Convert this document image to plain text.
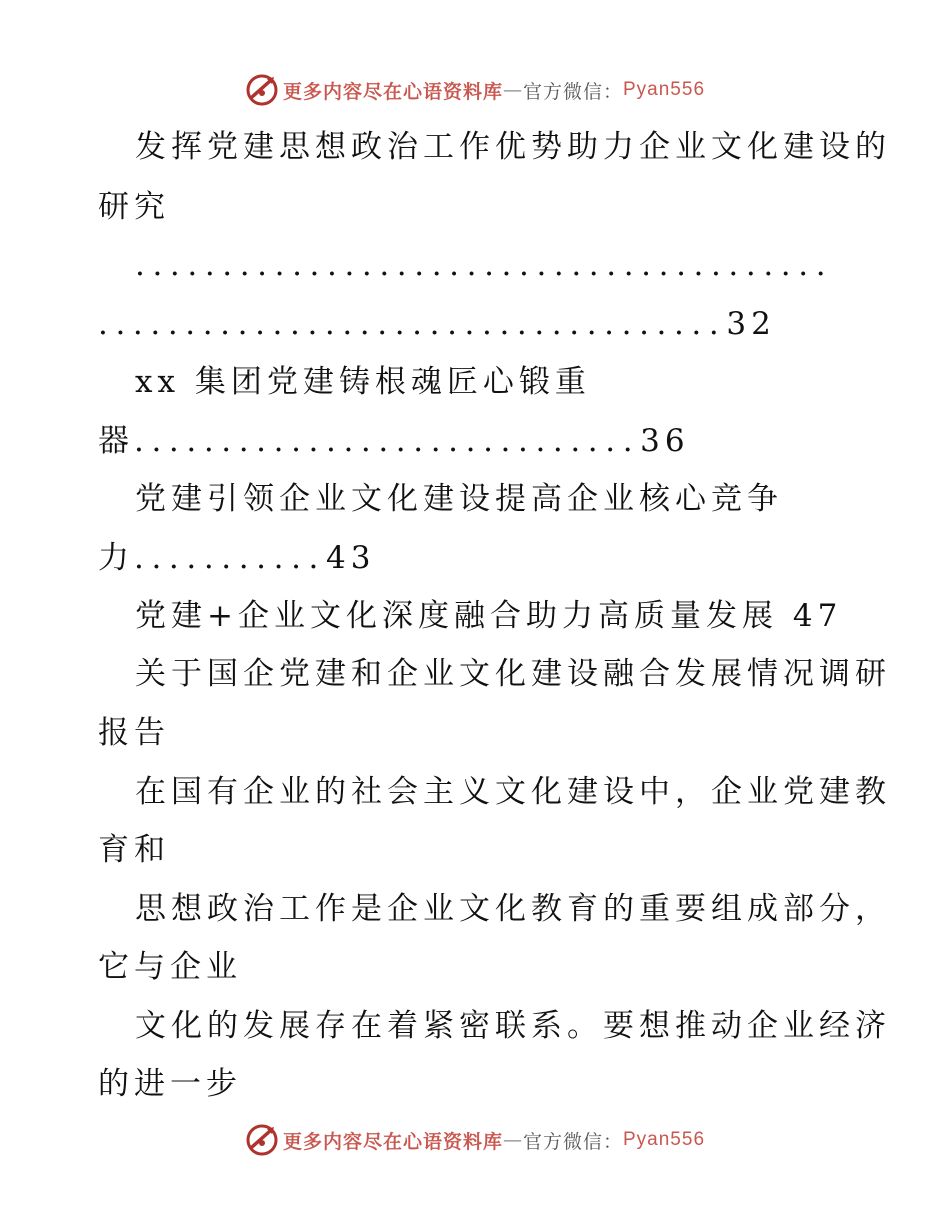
更多内容尽在心语资料库 — 官方微信： Pyan556
发挥党建思想政治工作优势助力企业文化建设的
研究
........................................
....................................32
xx 集团党建铸根魂匠心锻重
器.............................36
党建引领企业文化建设提高企业核心竞争
力...........43
党建+企业文化深度融合助力高质量发展 47
关于国企党建和企业文化建设融合发展情况调研
报告
在国有企业的社会主义文化建设中，企业党建教
育和
思想政治工作是企业文化教育的重要组成部分，
它与企业
文化的发展存在着紧密联系。要想推动企业经济
的进一步
更多内容尽在心语资料库 — 官方微信： Pyan556
